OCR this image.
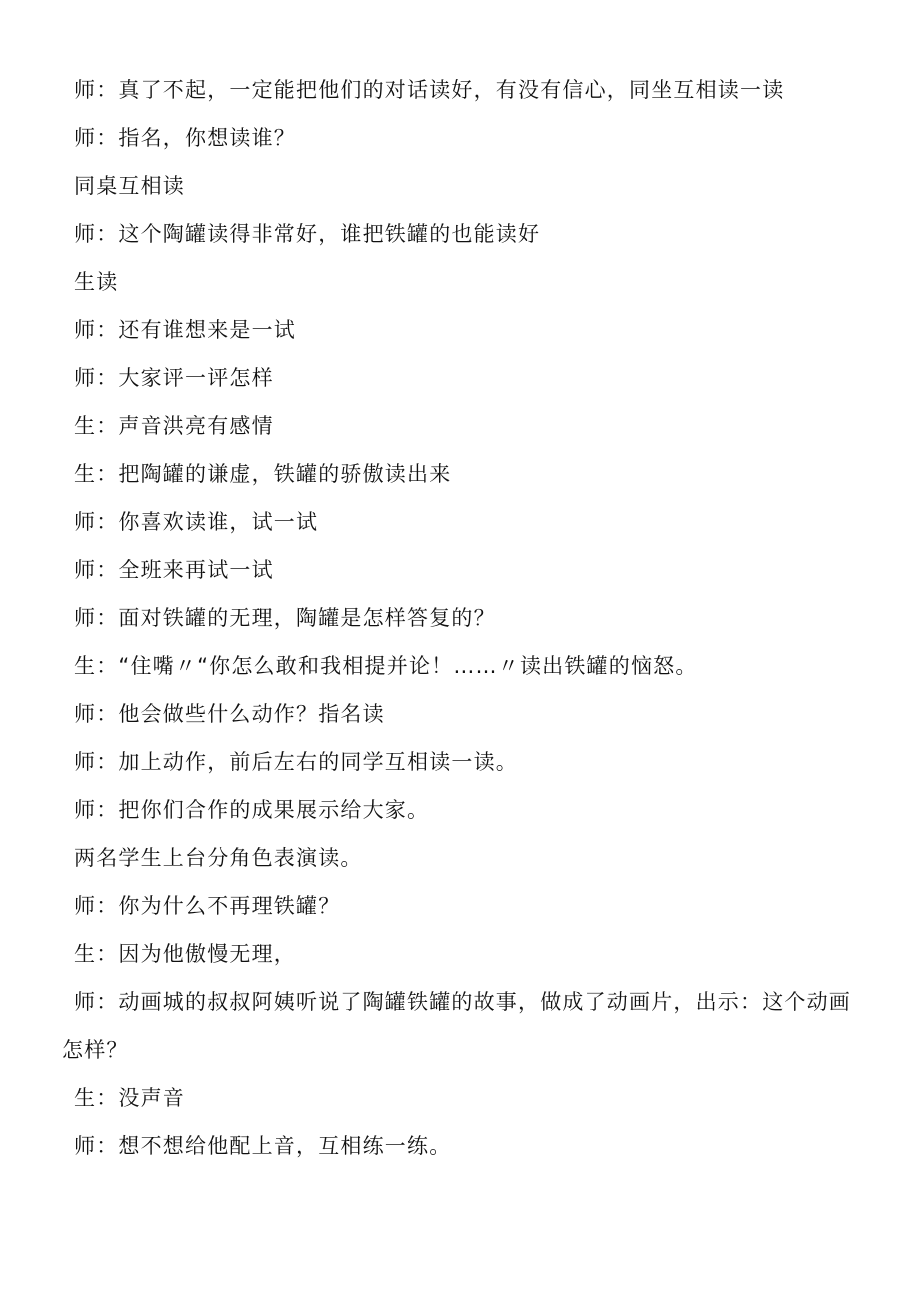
师：真了不起，一定能把他们的对话读好，有没有信心，同坐互相读一读
师：指名，你想读谁？
同桌互相读
师：这个陶罐读得非常好，谁把铁罐的也能读好
生读
师：还有谁想来是一试
师：大家评一评怎样
生：声音洪亮有感情
生：把陶罐的谦虚，铁罐的骄傲读出来
师：你喜欢读谁，试一试
师：全班来再试一试
师：面对铁罐的无理，陶罐是怎样答复的？
生：“住嘴〃“你怎么敢和我相提并论！……〃读出铁罐的恼怒。
师：他会做些什么动作？指名读
师：加上动作，前后左右的同学互相读一读。
师：把你们合作的成果展示给大家。
两名学生上台分角色表演读。
师：你为什么不再理铁罐？
生：因为他傲慢无理，
师：动画城的叔叔阿姨听说了陶罐铁罐的故事，做成了动画片，出示：这个动画怎样？
生：没声音
师：想不想给他配上音，互相练一练。
